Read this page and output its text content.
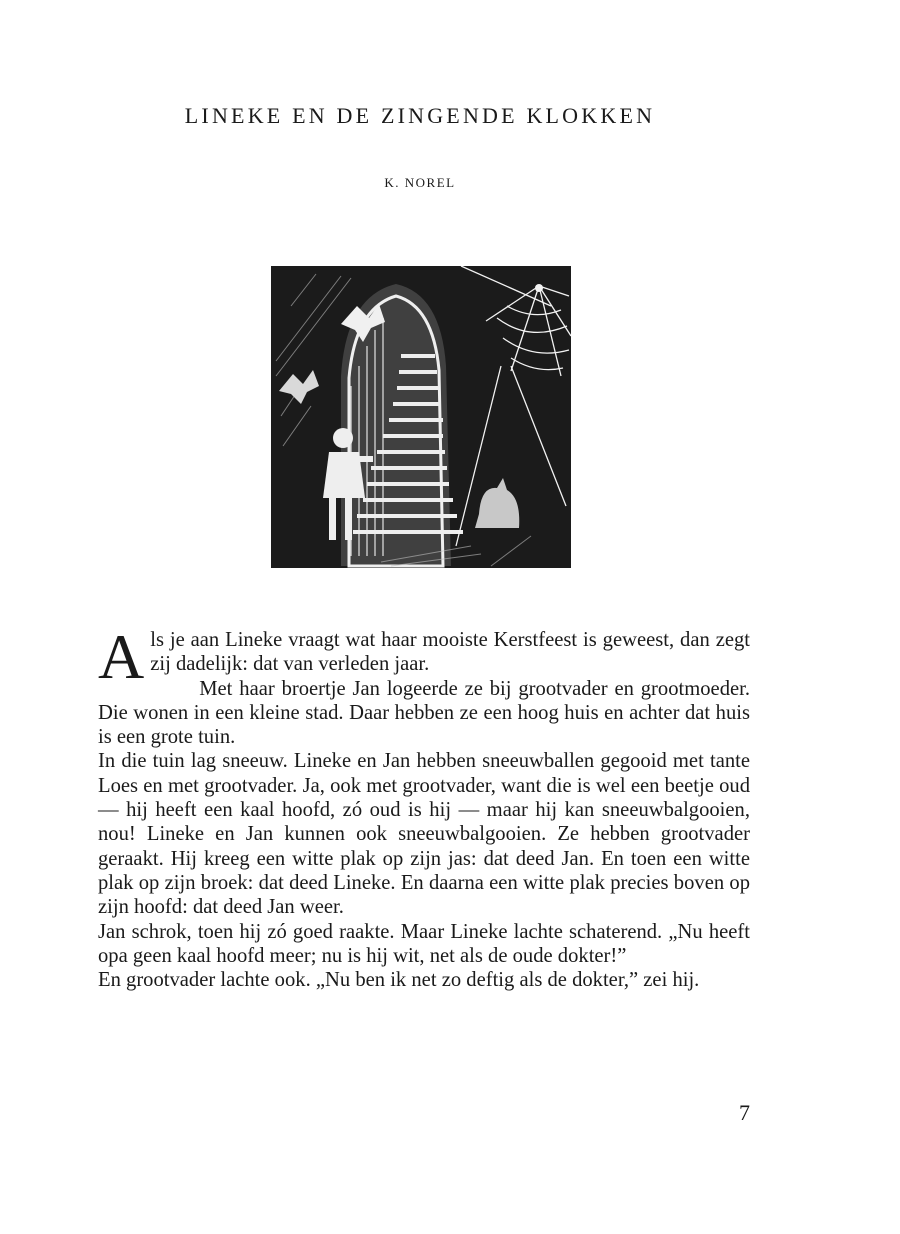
LINEKE EN DE ZINGENDE KLOKKEN

K. NOREL

Als je aan Lineke vraagt wat haar mooiste Kerstfeest is geweest, dan zegt zij dadelijk: dat van verleden jaar.

Met haar broertje Jan logeerde ze bij grootvader en grootmoeder. Die wonen in een kleine stad. Daar hebben ze een hoog huis en achter dat huis is een grote tuin.

In die tuin lag sneeuw. Lineke en Jan hebben sneeuwballen gegooid met tante Loes en met grootvader. Ja, ook met grootvader, want die is wel een beetje oud — hij heeft een kaal hoofd, zó oud is hij — maar hij kan sneeuwbalgooien, nou! Lineke en Jan kunnen ook sneeuwbalgooien. Ze hebben grootvader geraakt. Hij kreeg een witte plak op zijn jas: dat deed Jan. En toen een witte plak op zijn broek: dat deed Lineke. En daarna een witte plak precies boven op zijn hoofd: dat deed Jan weer.

Jan schrok, toen hij zó goed raakte. Maar Lineke lachte schaterend. „Nu heeft opa geen kaal hoofd meer; nu is hij wit, net als de oude dokter!”

En grootvader lachte ook. „Nu ben ik net zo deftig als de dokter,” zei hij.

7
